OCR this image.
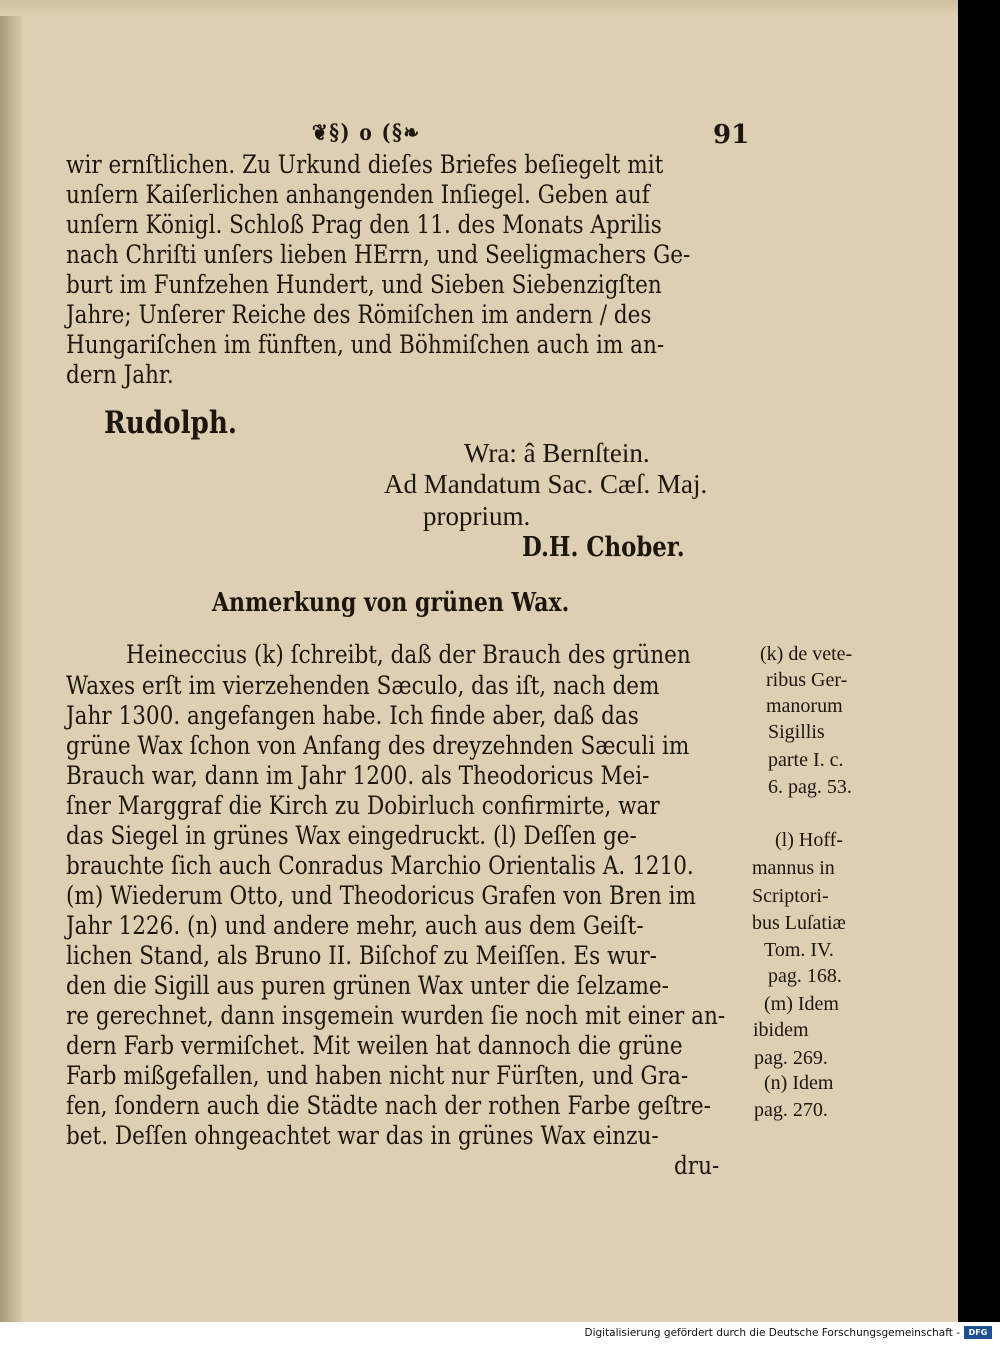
❦§) o (§❧	91
wir ernſtlichen. Zu Urkund dieſes Briefes beſiegelt mit
unſern Kaiſerlichen anhangenden Inſiegel. Geben auf
unſern Königl. Schloß Prag den 11. des Monats Aprilis
nach Chriſti unſers lieben HErrn, und Seeligmachers Ge-
burt im Funfzehen Hundert, und Sieben Siebenzigſten
Jahre; Unſerer Reiche des Römiſchen im andern / des
Hungariſchen im fünften, und Böhmiſchen auch im an-
dern Jahr.
Rudolph.
Wra: â Bernſtein.
Ad Mandatum Sac. Cæſ. Maj.
proprium.
D.H. Chober.
Anmerkung von grünen Wax.
Heineccius (k) ſchreibt, daß der Brauch des grünen
Waxes erſt im vierzehenden Sæculo, das iſt, nach dem
Jahr 1300. angefangen habe. Ich finde aber, daß das
grüne Wax ſchon von Anfang des dreyzehnden Sæculi im
Brauch war, dann im Jahr 1200. als Theodoricus Mei-
ſner Marggraf die Kirch zu Dobirluch confirmirte, war
das Siegel in grünes Wax eingedruckt. (l) Deſſen ge-
brauchte ſich auch Conradus Marchio Orientalis A. 1210.
(m) Wiederum Otto, und Theodoricus Grafen von Bren im
Jahr 1226. (n) und andere mehr, auch aus dem Geiſt-
lichen Stand, als Bruno II. Biſchof zu Meiſſen. Es wur-
den die Sigill aus puren grünen Wax unter die ſelzame-
re gerechnet, dann insgemein wurden ſie noch mit einer an-
dern Farb vermiſchet. Mit weilen hat dannoch die grüne
Farb mißgefallen, und haben nicht nur Fürſten, und Gra-
fen, ſondern auch die Städte nach der rothen Farbe geſtre-
bet. Deſſen ohngeachtet war das in grünes Wax einzu-
dru-
(k) de vete-
ribus Ger-
manorum
Sigillis
parte I. c.
6. pag. 53.
(l) Hoff-
mannus in
Scriptori-
bus Luſatiæ
Tom. IV.
pag. 168.
(m) Idem
ibidem
pag. 269.
(n) Idem
pag. 270.
Digitalisierung gefördert durch die Deutsche Forschungsgemeinschaft -	DFG
